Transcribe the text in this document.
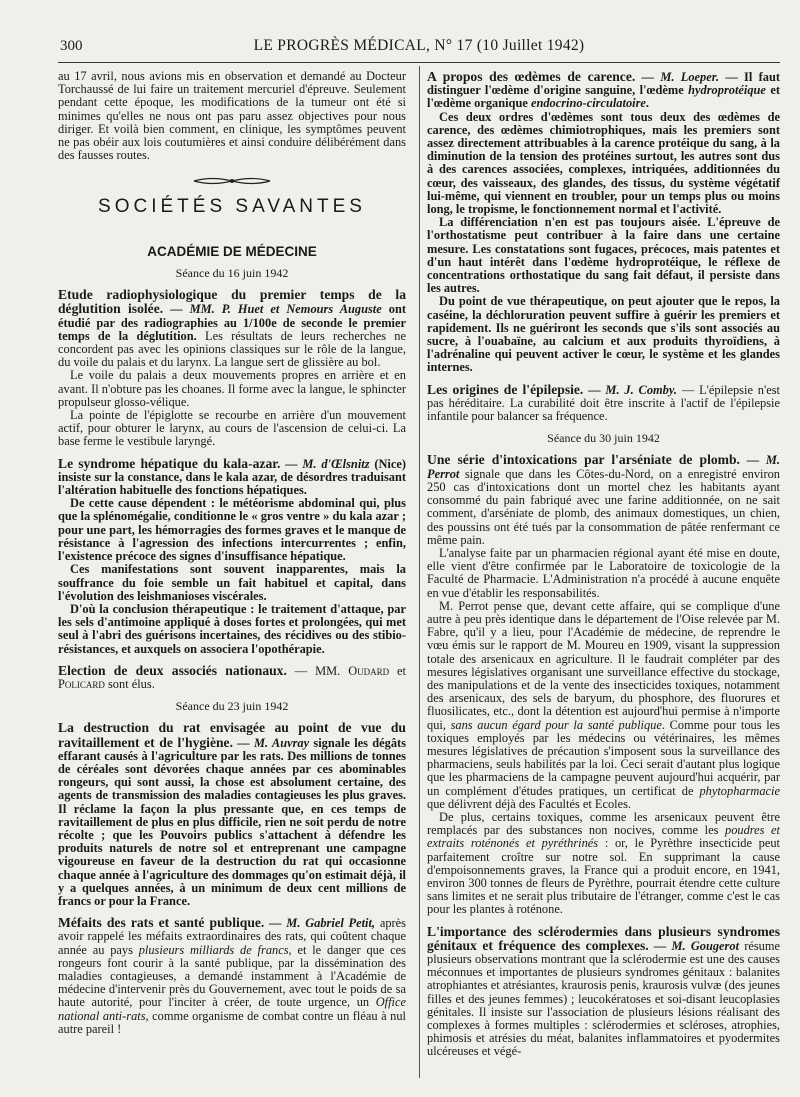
300	LE PROGRÈS MÉDICAL, N° 17 (10 Juillet 1942)

au 17 avril, nous avions mis en observation et demandé au Docteur Torchaussé de lui faire un traitement mercuriel d'épreuve. Seulement pendant cette époque, les modifications de la tumeur ont été si minimes qu'elles ne nous ont pas paru assez objectives pour nous diriger. Et voilà bien comment, en clinique, les symptômes peuvent ne pas obéir aux lois coutumières et ainsi conduire délibérément dans des fausses routes.

SOCIÉTÉS SAVANTES
ACADÉMIE DE MÉDECINE

Séance du 16 juin 1942

Etude radiophysiologique du premier temps de la déglutition isolée. — MM. P. Huet et Nemours Auguste ont étudié par des radiographies au 1/100e de seconde le premier temps de la déglutition. Les résultats de leurs recherches ne concordent pas avec les opinions classiques sur le rôle de la langue, du voile du palais et du larynx. La langue sert de glissière au bol.

Le voile du palais a deux mouvements propres en arrière et en avant. Il n'obture pas les choanes. Il forme avec la langue, le sphincter propulseur glosso-vélique.

La pointe de l'épiglotte se recourbe en arrière d'un mouvement actif, pour obturer le larynx, au cours de l'ascension de celui-ci. La base ferme le vestibule laryngé.

Le syndrome hépatique du kala-azar. — M. d'Œlsnitz (Nice) insiste sur la constance, dans le kala azar, de désordres traduisant l'altération habituelle des fonctions hépatiques.

De cette cause dépendent : le météorisme abdominal qui, plus que la splénomégalie, conditionne le « gros ventre » du kala azar ; pour une part, les hémorragies des formes graves et le manque de résistance à l'agression des infections intercurrentes ; enfin, l'existence précoce des signes d'insuffisance hépatique.

Ces manifestations sont souvent inapparentes, mais la souffrance du foie semble un fait habituel et capital, dans l'évolution des leishmanioses viscérales.

D'où la conclusion thérapeutique : le traitement d'attaque, par les sels d'antimoine appliqué à doses fortes et prolongées, qui met seul à l'abri des guérisons incertaines, des récidives ou des stibio-résistances, et auxquels on associera l'opothérapie.

Election de deux associés nationaux. — MM. Oudard et Policard sont élus.

Séance du 23 juin 1942

La destruction du rat envisagée au point de vue du ravitaillement et de l'hygiène. — M. Auvray signale les dégâts effarant causés à l'agriculture par les rats. Des millions de tonnes de céréales sont dévorées chaque années par ces abominables rongeurs, qui sont aussi, la chose est absolument certaine, des agents de transmission des maladies contagieuses les plus graves. Il réclame la façon la plus pressante que, en ces temps de ravitaillement de plus en plus difficile, rien ne soit perdu de notre récolte ; que les Pouvoirs publics s'attachent à défendre les produits naturels de notre sol et entreprenant une campagne vigoureuse en faveur de la destruction du rat qui occasionne chaque année à l'agriculture des dommages qu'on estimait déjà, il y a quelques années, à un minimum de deux cent millions de francs or pour la France.

Méfaits des rats et santé publique. — M. Gabriel Petit, après avoir rappelé les méfaits extraordinaires des rats, qui coûtent chaque année au pays plusieurs milliards de francs, et le danger que ces rongeurs font courir à la santé publique, par la dissémination des maladies contagieuses, a demandé instamment à l'Académie de médecine d'intervenir près du Gouvernement, avec tout le poids de sa haute autorité, pour l'inciter à créer, de toute urgence, un Office national anti-rats, comme organisme de combat contre un fléau à nul autre pareil !

A propos des œdèmes de carence. — M. Loeper. — Il faut distinguer l'œdème d'origine sanguine, l'œdème hydroprotéique et l'œdème organique endocrino-circulatoire.

Ces deux ordres d'œdèmes sont tous deux des œdèmes de carence, des œdèmes chimiotrophiques, mais les premiers sont assez directement attribuables à la carence protéique du sang, à la diminution de la tension des protéines surtout, les autres sont dus à des carences associées, complexes, intriquées, additionnées du cœur, des vaisseaux, des glandes, des tissus, du système végétatif lui-même, qui viennent en troubler, pour un temps plus ou moins long, le tropisme, le fonctionnement normal et l'activité.

La différenciation n'en est pas toujours aisée. L'épreuve de l'orthostatisme peut contribuer à la faire dans une certaine mesure. Les constatations sont fugaces, précoces, mais patentes et d'un haut intérêt dans l'œdème hydroprotéique, le réflexe de concentrations orthostatique du sang fait défaut, il persiste dans les autres.

Du point de vue thérapeutique, on peut ajouter que le repos, la caséine, la déchloruration peuvent suffire à guérir les premiers et rapidement. Ils ne guériront les seconds que s'ils sont associés au sucre, à l'ouabaïne, au calcium et aux produits thyroïdiens, à l'adrénaline qui peuvent activer le cœur, le système et les glandes internes.

Les origines de l'épilepsie. — M. J. Comby. — L'épilepsie n'est pas héréditaire. La curabilité doit être inscrite à l'actif de l'épilepsie infantile pour balancer sa fréquence.

Séance du 30 juin 1942

Une série d'intoxications par l'arséniate de plomb. — M. Perrot signale que dans les Côtes-du-Nord, on a enregistré environ 250 cas d'intoxications dont un mortel chez les habitants ayant consommé du pain fabriqué avec une farine additionnée, on ne sait comment, d'arséniate de plomb, des animaux domestiques, un chien, des poussins ont été tués par la consommation de pâtée renfermant ce même pain.

L'analyse faite par un pharmacien régional ayant été mise en doute, elle vient d'être confirmée par le Laboratoire de toxicologie de la Faculté de Pharmacie. L'Administration n'a procédé à aucune enquête en vue d'établir les responsabilités.

M. Perrot pense que, devant cette affaire, qui se complique d'une autre à peu près identique dans le département de l'Oise relevée par M. Fabre, qu'il y a lieu, pour l'Académie de médecine, de reprendre le vœu émis sur le rapport de M. Moureu en 1909, visant la suppression totale des arsenicaux en agriculture. Il le faudrait compléter par des mesures législatives organisant une surveillance effective du stockage, des manipulations et de la vente des insecticides toxiques, notamment des arsenicaux, des sels de baryum, du phosphore, des fluorures et fluosilicates, etc., dont la détention est aujourd'hui permise à n'importe qui, sans aucun égard pour la santé publique. Comme pour tous les toxiques employés par les médecins ou vétérinaires, les mêmes mesures législatives de précaution s'imposent sous la surveillance des pharmaciens, seuls habilités par la loi. Ceci serait d'autant plus logique que les pharmaciens de la campagne peuvent aujourd'hui acquérir, par un complément d'études pratiques, un certificat de phytopharmacie que délivrent déjà des Facultés et Ecoles.

De plus, certains toxiques, comme les arsenicaux peuvent être remplacés par des substances non nocives, comme les poudres et extraits roténonés et pyréthrinés : or, le Pyrèthre insecticide peut parfaitement croître sur notre sol. En supprimant la cause d'empoisonnements graves, la France qui a produit encore, en 1941, environ 300 tonnes de fleurs de Pyrèthre, pourrait étendre cette culture sans limites et ne serait plus tributaire de l'étranger, comme c'est le cas pour les plantes à roténone.

L'importance des sclérodermies dans plusieurs syndromes génitaux et fréquence des complexes. — M. Gougerot résume plusieurs observations montrant que la sclérodermie est une des causes méconnues et importantes de plusieurs syndromes génitaux : balanites atrophiantes et atrésiantes, kraurosis penis, kraurosis vulvæ (des jeunes filles et des jeunes femmes) ; leucokératoses et soi-disant leucoplasies génitales. Il insiste sur l'association de plusieurs lésions réalisant des complexes à formes multiples : sclérodermies et scléroses, atrophies, phimosis et atrésies du méat, balanites inflammatoires et pyodermites ulcéreuses et végé-
